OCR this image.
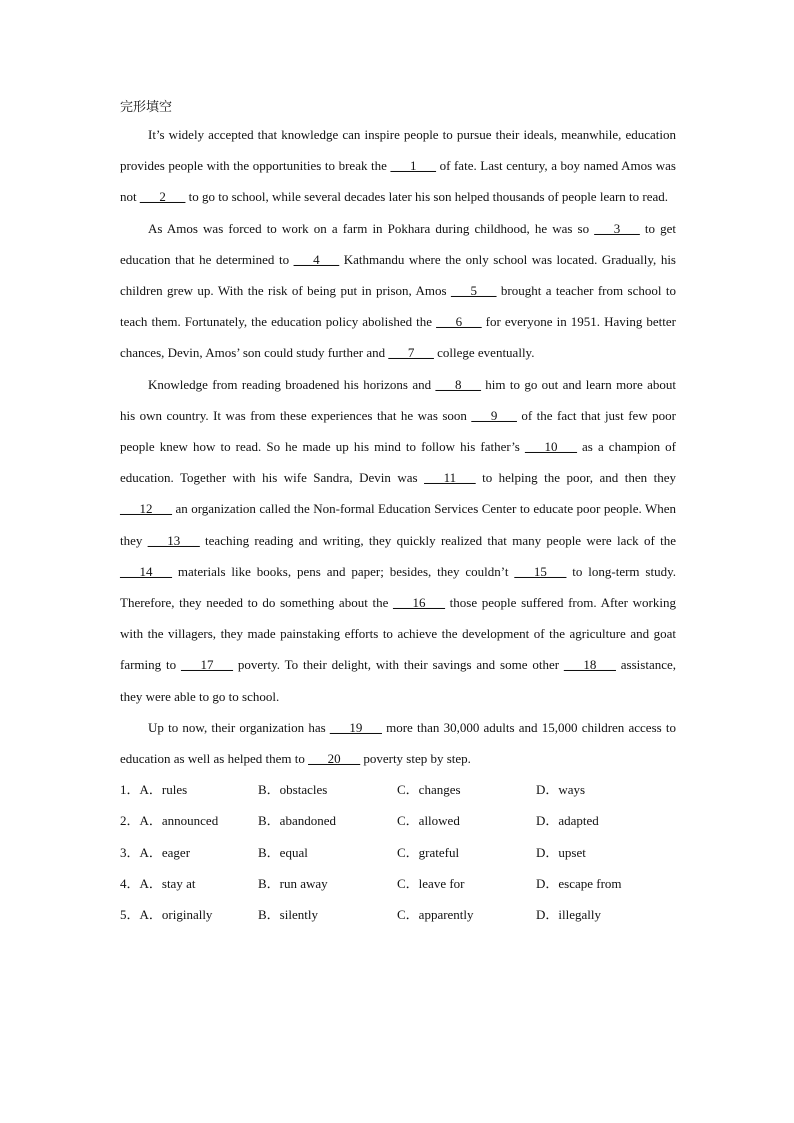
完形填空

It’s widely accepted that knowledge can inspire people to pursue their ideals, meanwhile, education provides people with the opportunities to break the ___1___ of fate. Last century, a boy named Amos was not ___2___ to go to school, while several decades later his son helped thousands of people learn to read.

As Amos was forced to work on a farm in Pokhara during childhood, he was so ___3___ to get education that he determined to ___4___ Kathmandu where the only school was located. Gradually, his children grew up. With the risk of being put in prison, Amos ___5___ brought a teacher from school to teach them. Fortunately, the education policy abolished the ___6___ for everyone in 1951. Having better chances, Devin, Amos’ son could study further and ___7___ college eventually.

Knowledge from reading broadened his horizons and ___8___ him to go out and learn more about his own country. It was from these experiences that he was soon ___9___ of the fact that just few poor people knew how to read. So he made up his mind to follow his father’s ___10___ as a champion of education. Together with his wife Sandra, Devin was ___11___ to helping the poor, and then they ___12___ an organization called the Non-formal Education Services Center to educate poor people. When they ___13___ teaching reading and writing, they quickly realized that many people were lack of the ___14___ materials like books, pens and paper; besides, they couldn’t ___15___ to long-term study. Therefore, they needed to do something about the ___16___ those people suffered from. After working with the villagers, they made painstaking efforts to achieve the development of the agriculture and goat farming to ___17___ poverty. To their delight, with their savings and some other ___18___ assistance, they were able to go to school.

Up to now, their organization has ___19___ more than 30,000 adults and 15,000 children access to education as well as helped them to ___20___ poverty step by step.

1．A．rules	B．obstacles	C．changes	D．ways
2．A．announced	B．abandoned	C．allowed	D．adapted
3．A．eager	B．equal	C．grateful	D．upset
4．A．stay at	B．run away	C．leave for	D．escape from
5．A．originally	B．silently	C．apparently	D．illegally
